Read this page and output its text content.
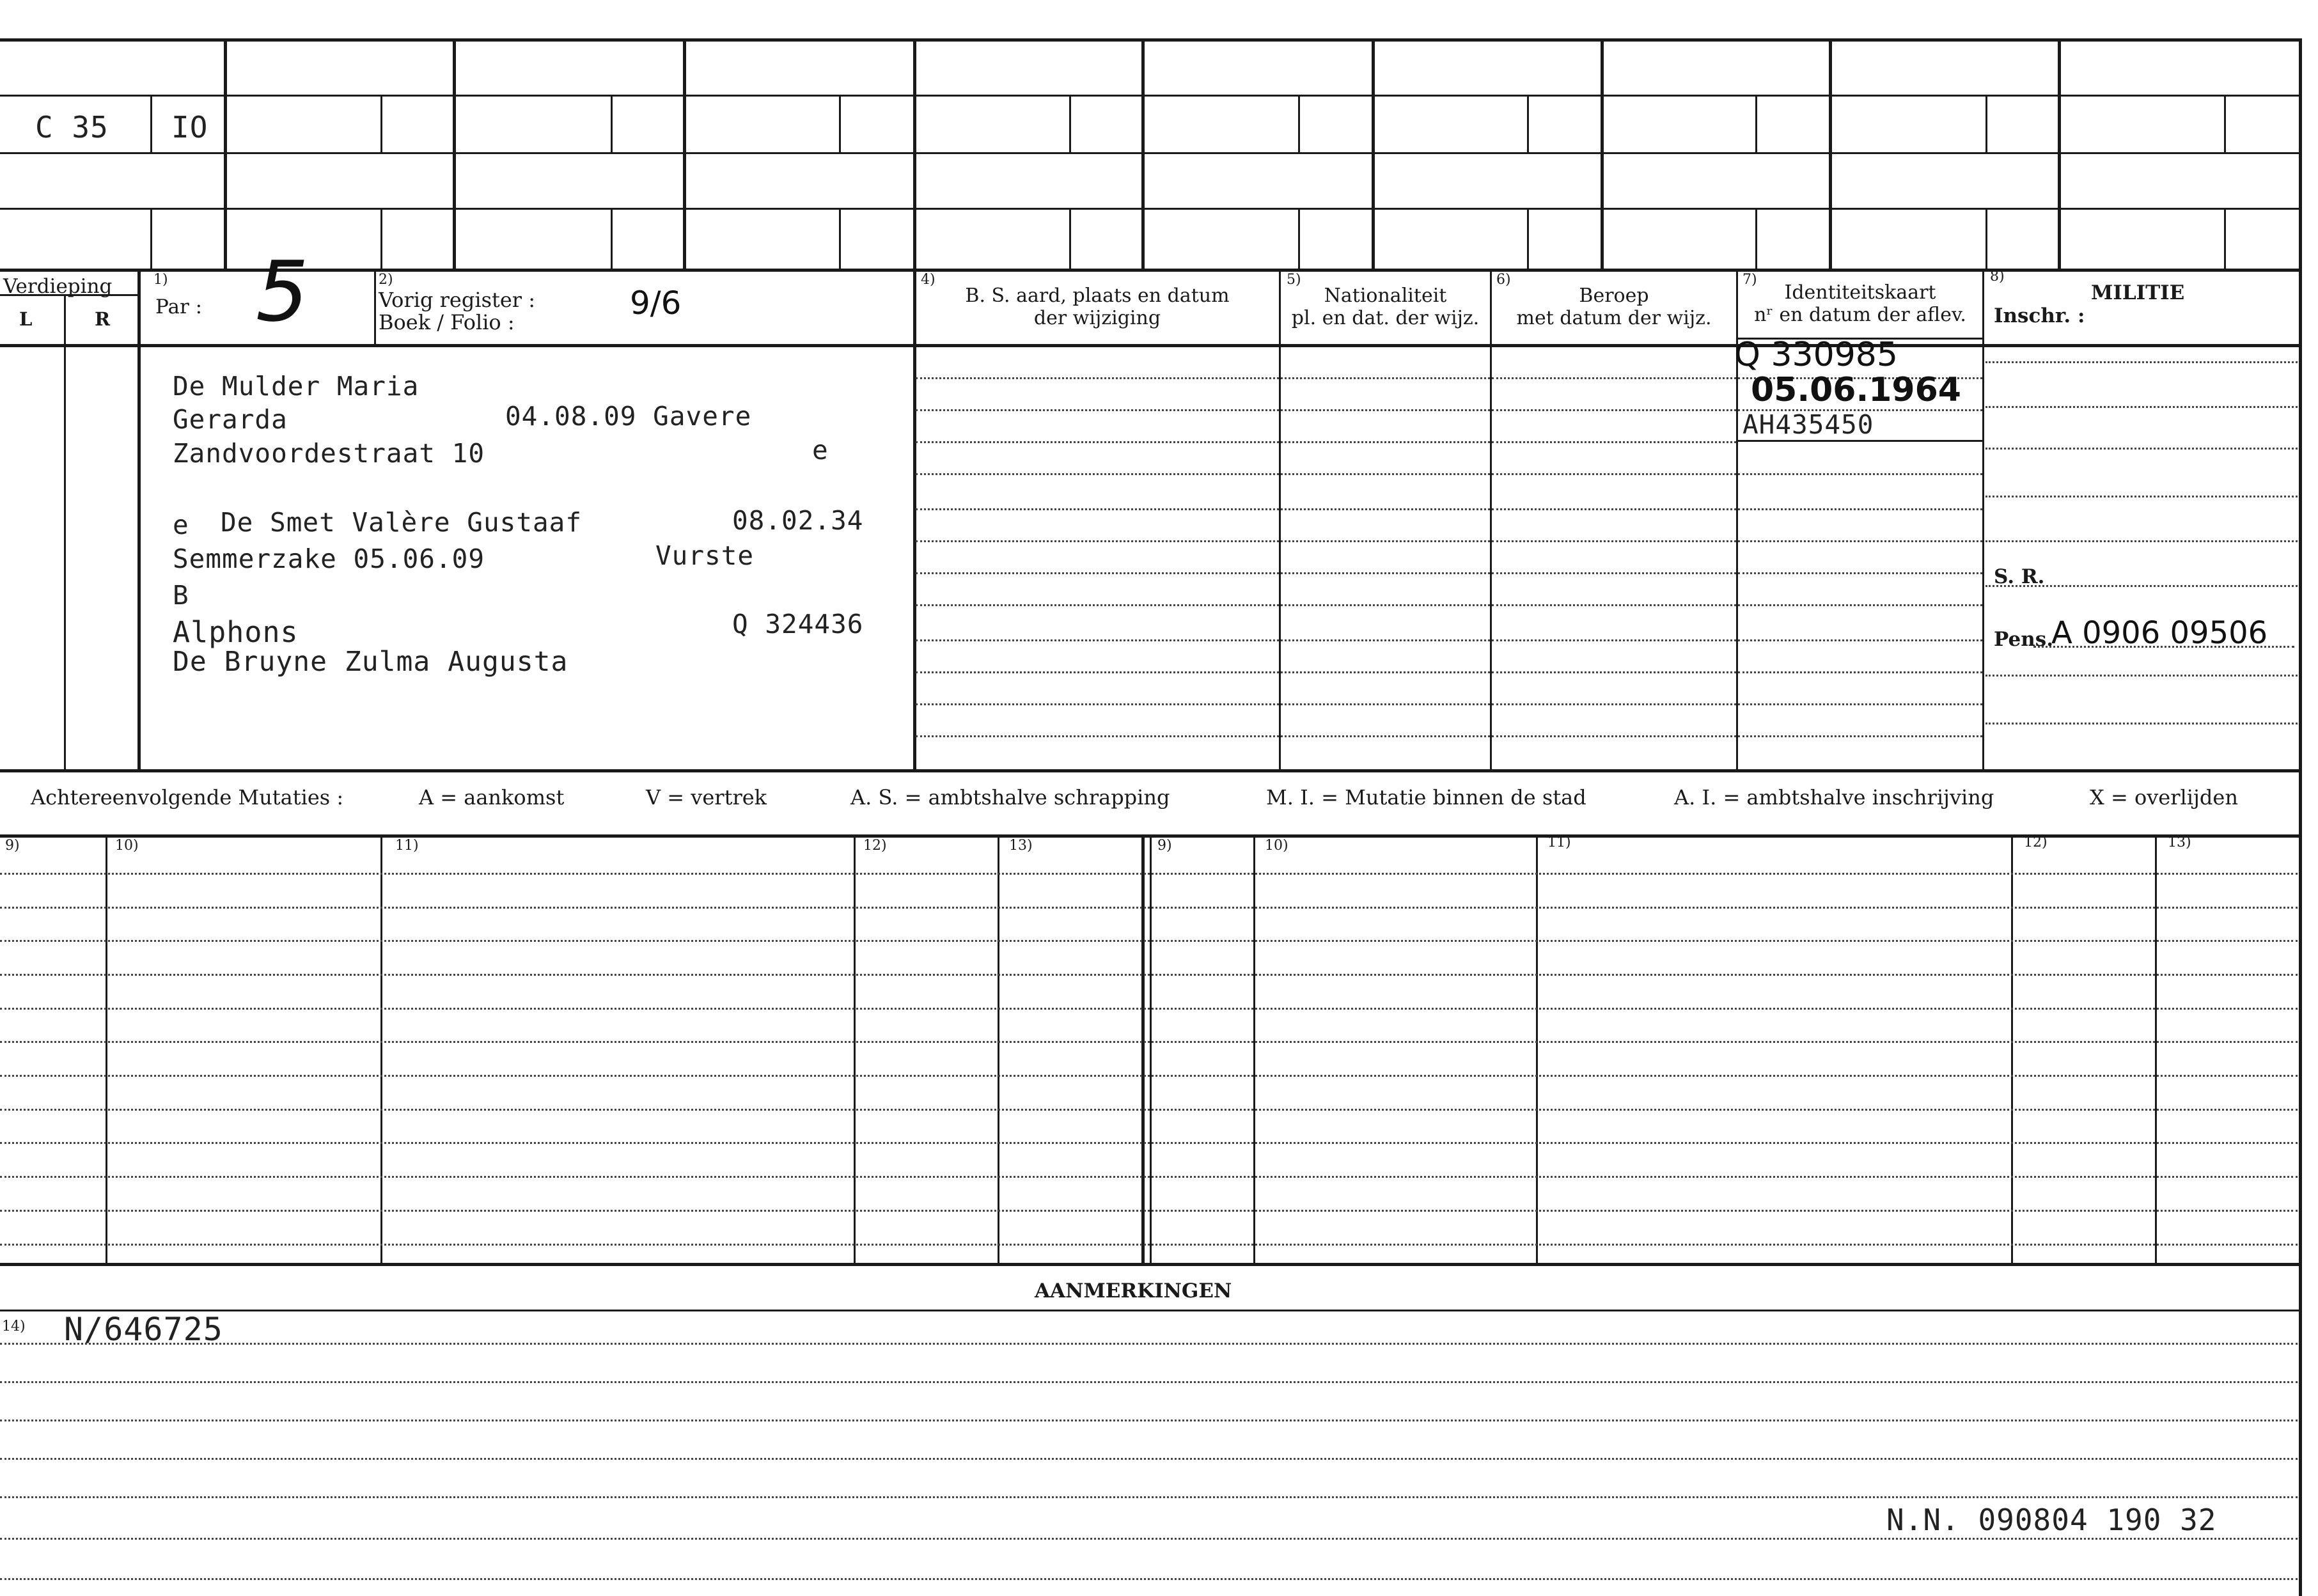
C 35 IO
Verdieping
L	R
1)
Par : 5	2)
Vorig register :
Boek / Folio :
9/6
4)
B. S. aard, plaats en datum
der wijziging
5)
Nationaliteit
pl. en dat. der wijz.
6)
Beroep
met datum der wijz.
7)
Identiteitskaart
nʳ en datum der aflev.
8)
MILITIE
Inschr. :
De Mulder Maria
Gerarda	04.08.09 Gavere
Zandvoordestraat 10	e
e De Smet Valère Gustaaf	08.02.34
Semmerzake 05.06.09	Vurste
B
Alphons	Q 324436
De Bruyne Zulma Augusta
Q 330985
05.06.1964
AH435450
S. R.
Pens.
A 0906 09506
Achtereenvolgende Mutaties :	A = aankomst	V = vertrek	A. S. = ambtshalve schrapping	M. I. = Mutatie binnen de stad	A. I. = ambtshalve inschrijving	X = overlijden
9)	10)	11)	12)	13)	9)	10)	11)	12)	13)
AANMERKINGEN
14) N/646725
N.N. 090804 190 32
